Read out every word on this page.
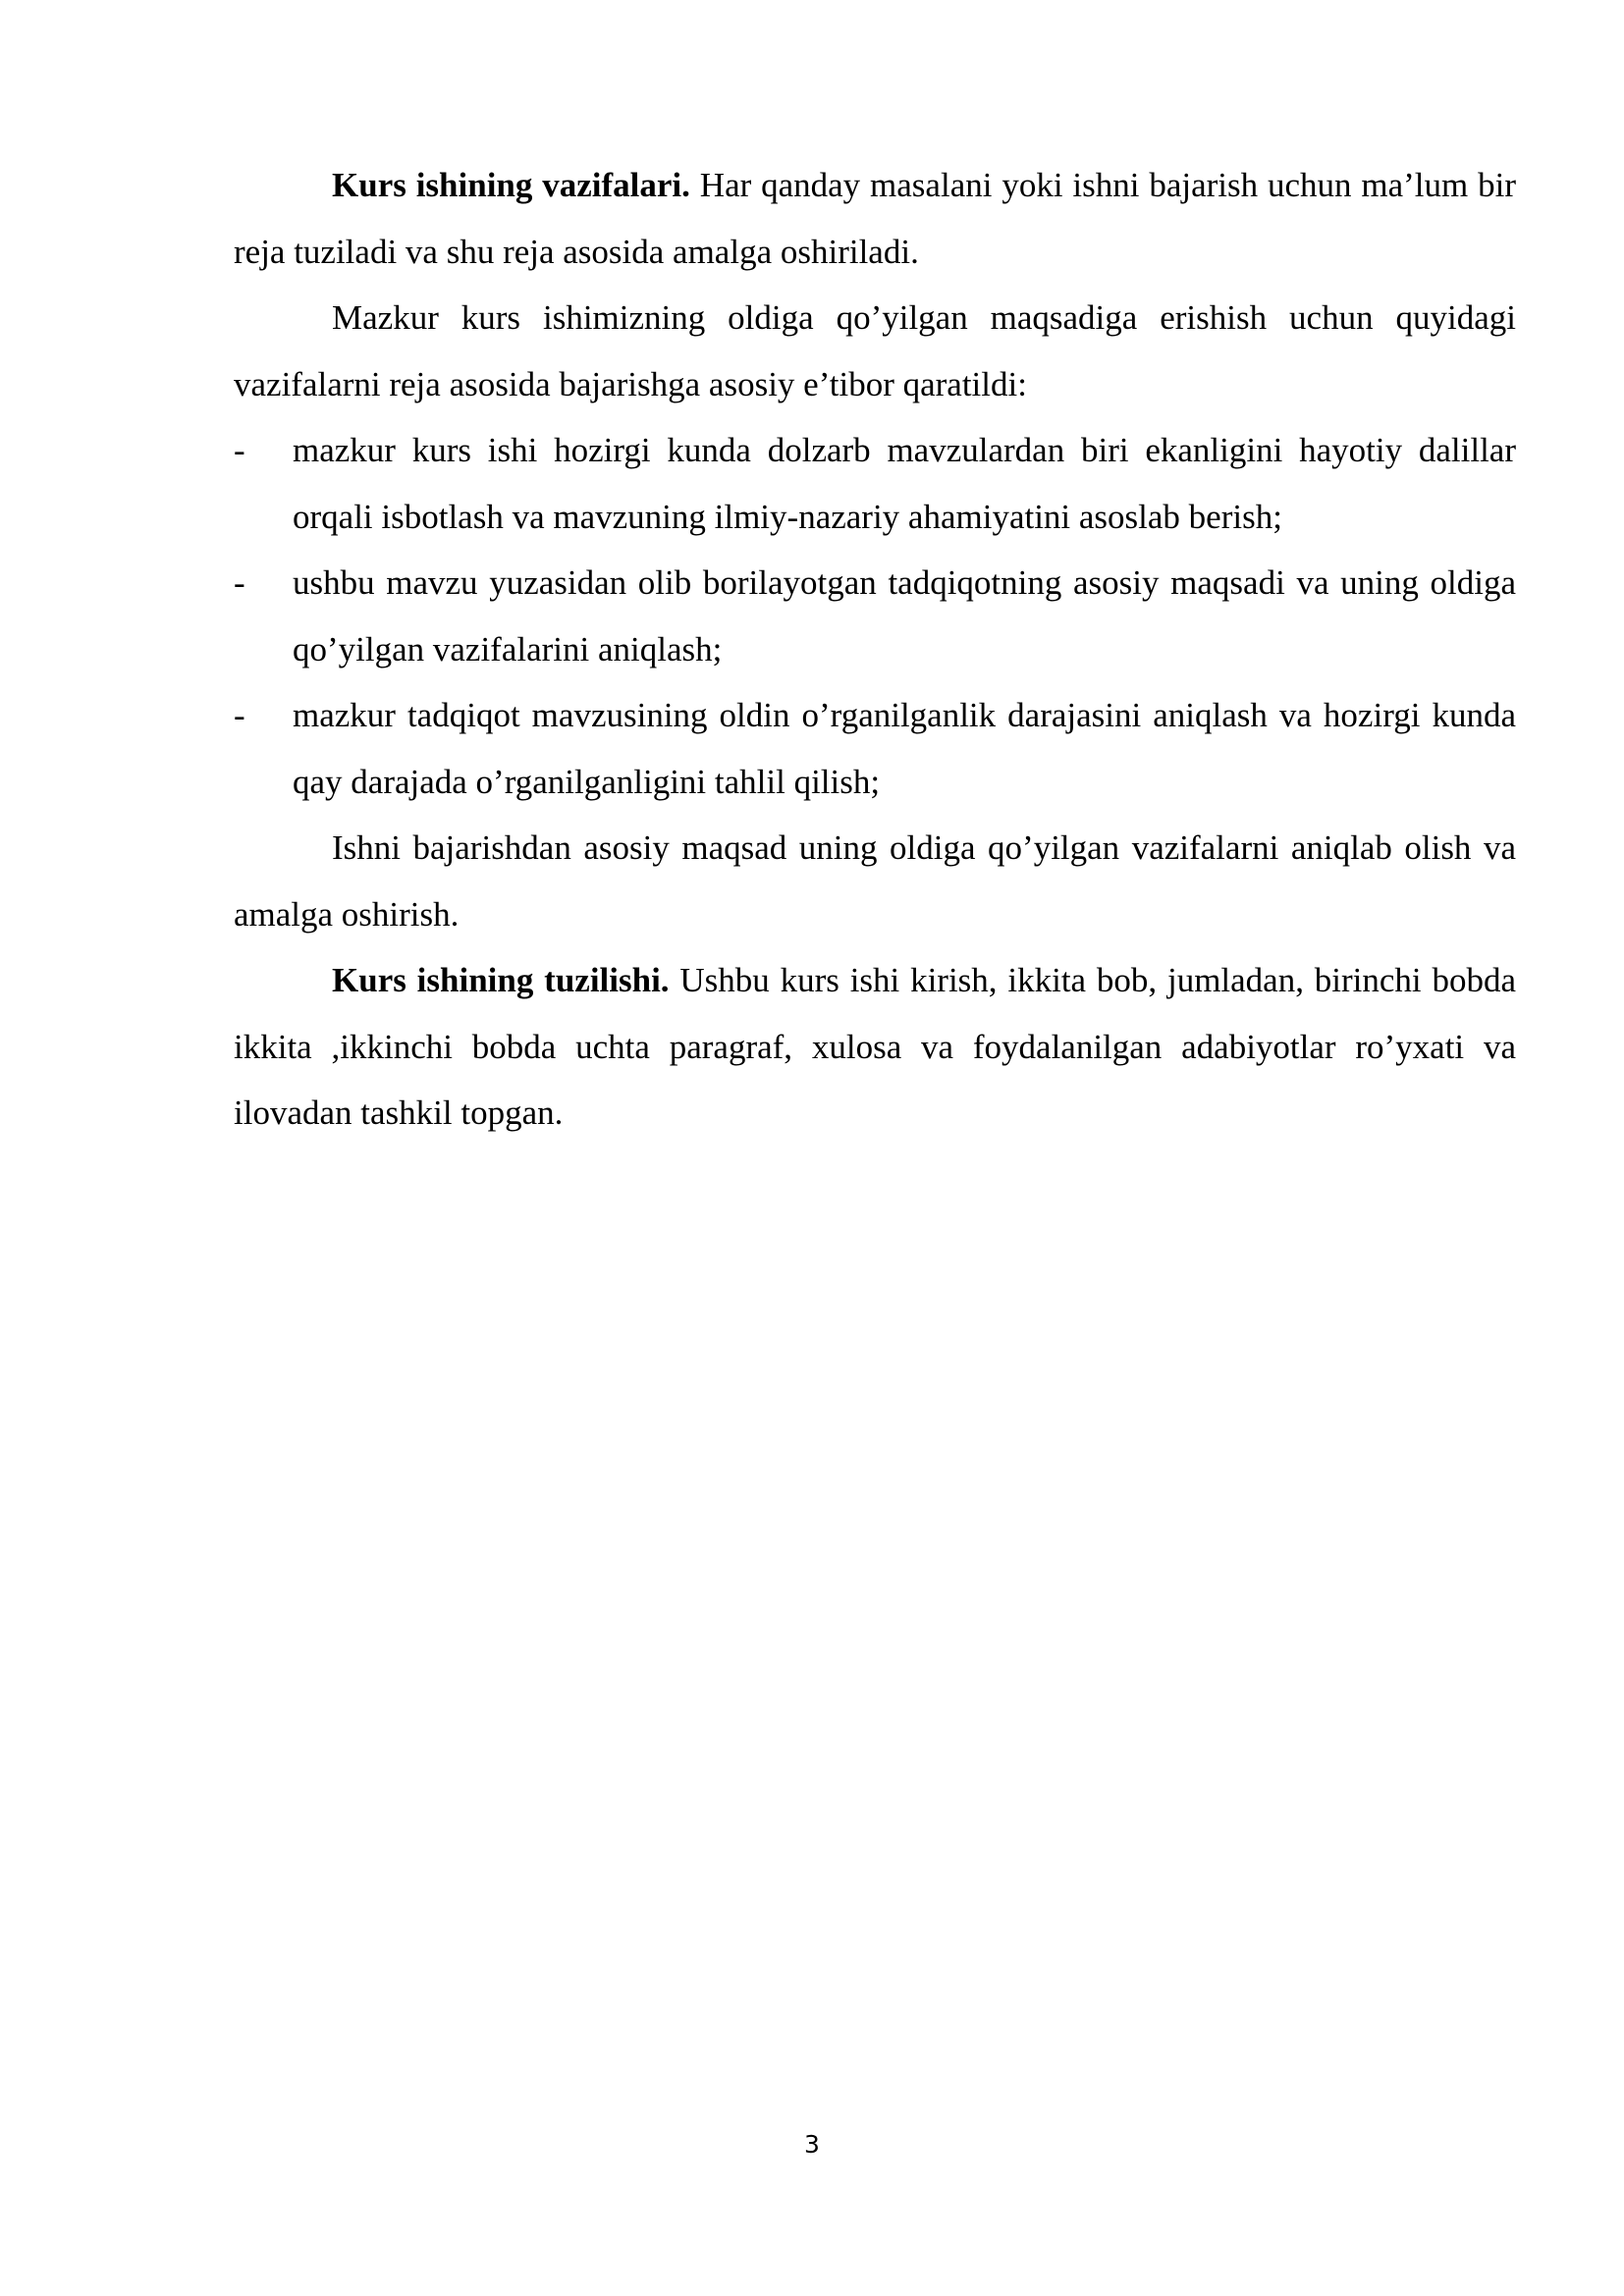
Kurs ishining vazifalari. Har qanday masalani yoki ishni bajarish uchun ma’lum bir reja tuziladi va shu reja asosida amalga oshiriladi.

Mazkur kurs ishimizning oldiga qo’yilgan maqsadiga erishish uchun quyidagi vazifalarni reja asosida bajarishga asosiy e’tibor qaratildi:

- mazkur kurs ishi hozirgi kunda dolzarb mavzulardan biri ekanligini hayotiy dalillar orqali isbotlash va mavzuning ilmiy-nazariy ahamiyatini asoslab berish;
- ushbu mavzu yuzasidan olib borilayotgan tadqiqotning asosiy maqsadi va uning oldiga qo’yilgan vazifalarini aniqlash;
- mazkur tadqiqot mavzusining oldin o’rganilganlik darajasini aniqlash va hozirgi kunda qay darajada o’rganilganligini tahlil qilish;

Ishni bajarishdan asosiy maqsad uning oldiga qo’yilgan vazifalarni aniqlab olish va amalga oshirish.

Kurs ishining tuzilishi. Ushbu kurs ishi kirish, ikkita bob, jumladan, birinchi bobda ikkita ,ikkinchi bobda uchta paragraf, xulosa va foydalanilgan adabiyotlar ro’yxati va ilovadan tashkil topgan.

3
